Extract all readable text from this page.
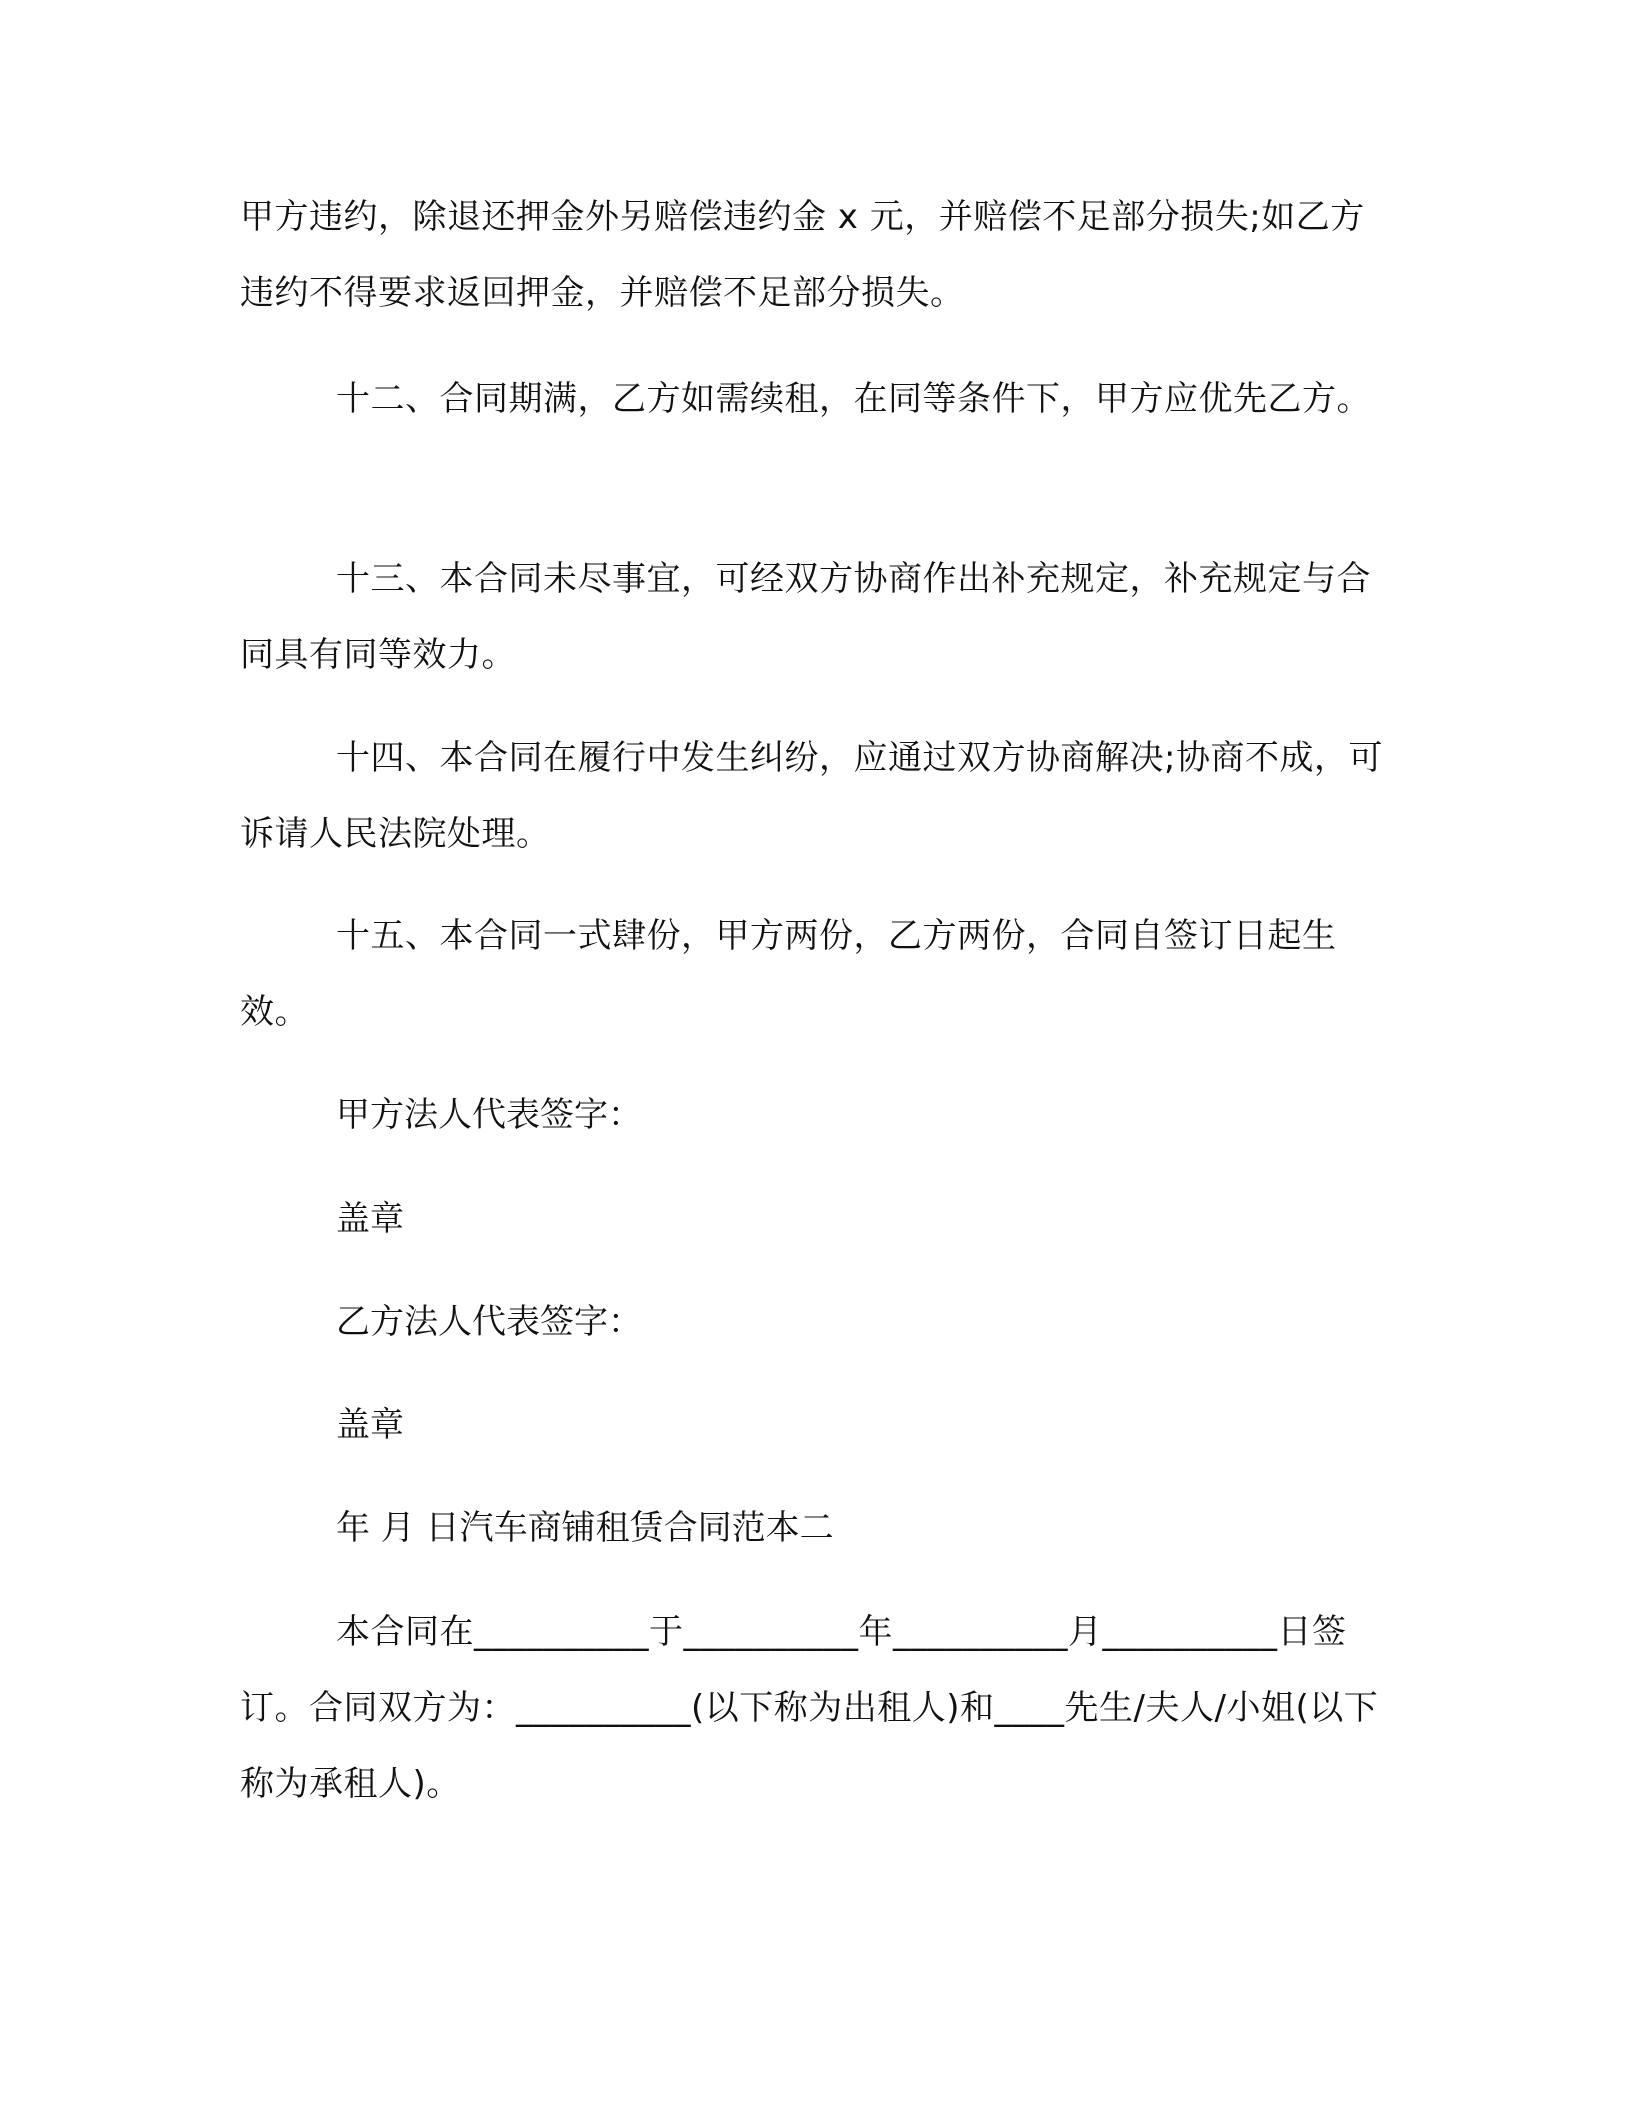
甲方违约，除退还押金外另赔偿违约金 x 元，并赔偿不足部分损失;如乙方违约不得要求返回押金，并赔偿不足部分损失。
十二、合同期满，乙方如需续租，在同等条件下，甲方应优先乙方。
十三、本合同未尽事宜，可经双方协商作出补充规定，补充规定与合同具有同等效力。
十四、本合同在履行中发生纠纷，应通过双方协商解决;协商不成，可诉请人民法院处理。
十五、本合同一式肆份，甲方两份，乙方两份，合同自签订日起生效。
甲方法人代表签字：
盖章
乙方法人代表签字：
盖章
年 月 日汽车商铺租赁合同范本二
本合同在__________于__________年__________月__________日签订。合同双方为：__________(以下称为出租人)和____先生/夫人/小姐(以下称为承租人)。
